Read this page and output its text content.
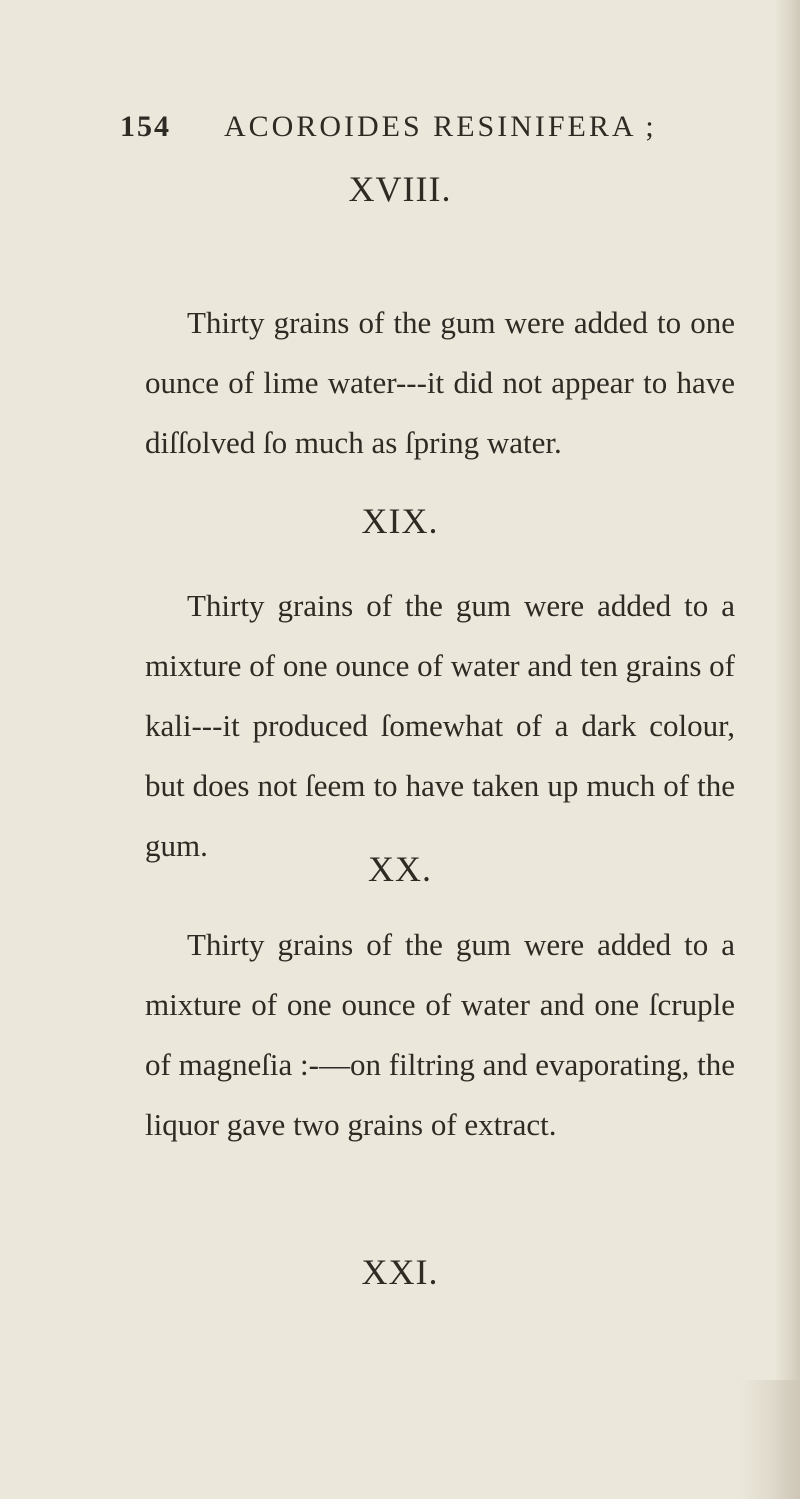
154 ACOROIDES RESINIFERA ;
XVIII.

Thirty grains of the gum were added to one ounce of lime water---it did not appear to have diſſolved ſo much as ſpring water.

XIX.

Thirty grains of the gum were added to a mixture of one ounce of water and ten grains of kali---it produced ſomewhat of a dark colour, but does not ſeem to have taken up much of the gum.

XX.

Thirty grains of the gum were added to a mixture of one ounce of water and one ſcruple of magneſia :-—on filtring and evaporating, the liquor gave two grains of extract.

XXI.
